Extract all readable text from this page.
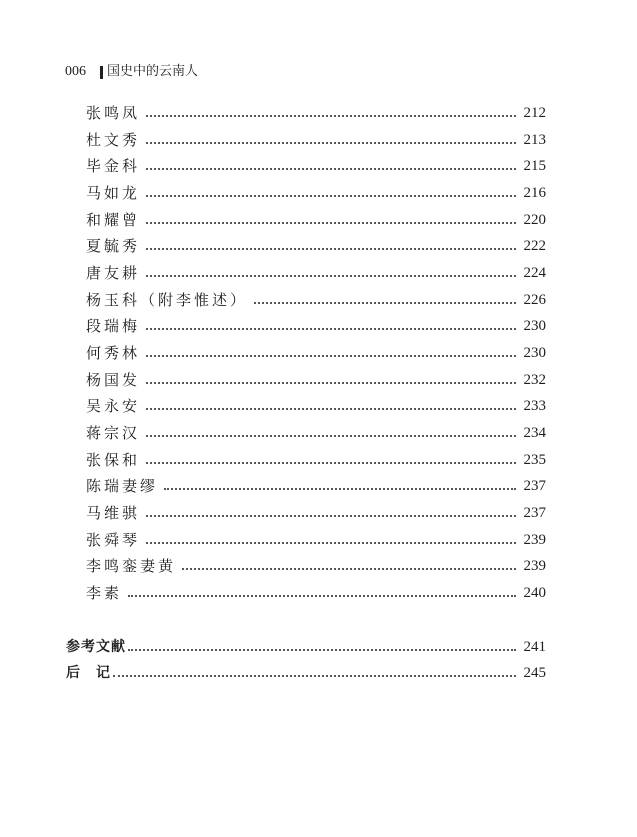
006 国史中的云南人
张鸣凤	212
杜文秀	213
毕金科	215
马如龙	216
和耀曾	220
夏毓秀	222
唐友耕	224
杨玉科（附李惟述）	226
段瑞梅	230
何秀林	230
杨国发	232
吴永安	233
蒋宗汉	234
张保和	235
陈瑞妻缪	237
马维骐	237
张舜琴	239
李鸣銮妻黄	239
李素	240
参考文献	241
后　记	245
